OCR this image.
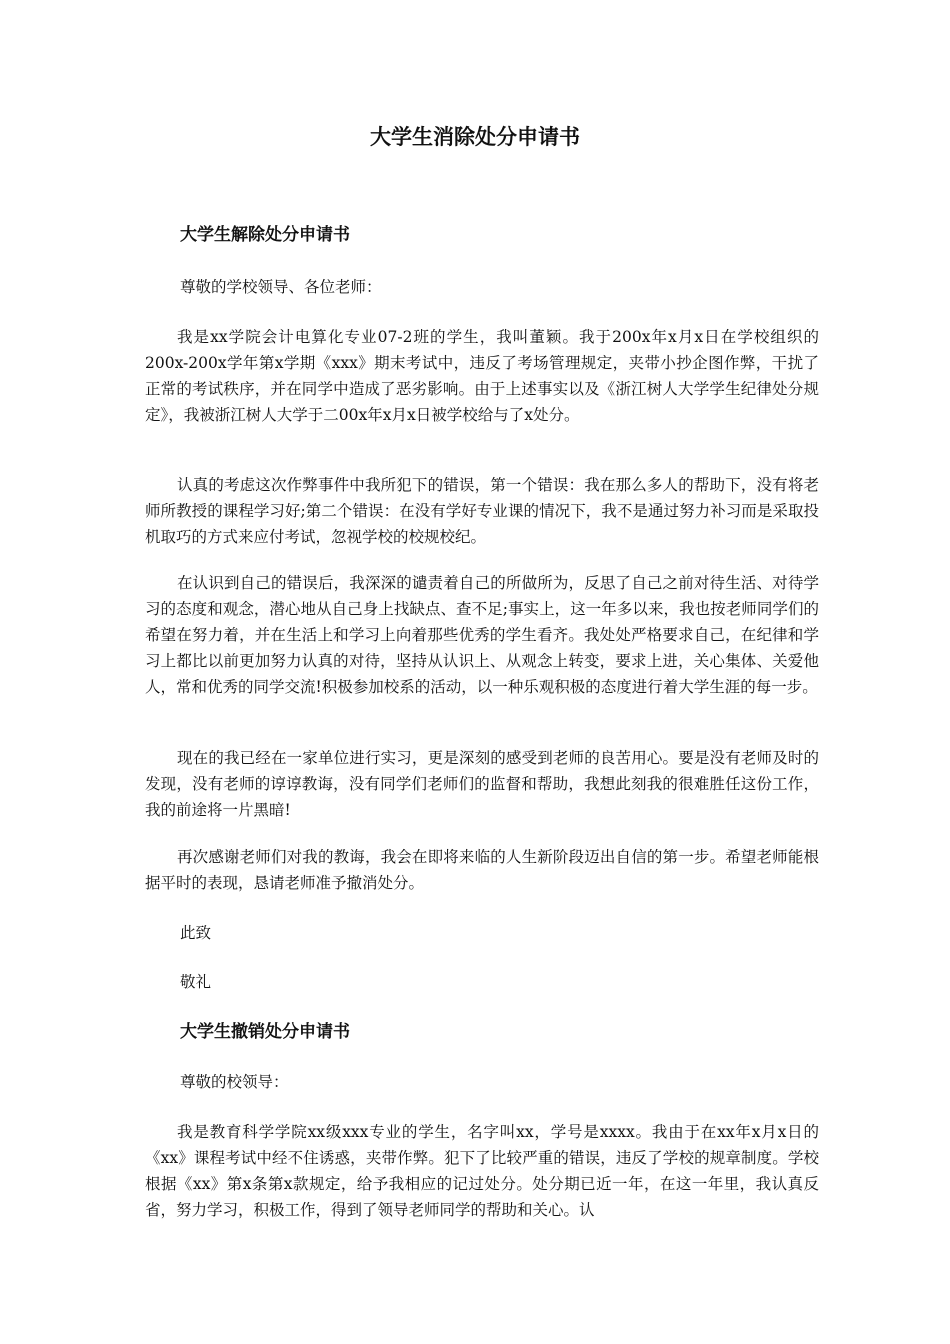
大学生消除处分申请书
大学生解除处分申请书

尊敬的学校领导、各位老师：

我是xx学院会计电算化专业07-2班的学生，我叫董颖。我于200x年x月x日在学校组织的200x-200x学年第x学期《xxx》期末考试中，违反了考场管理规定，夹带小抄企图作弊，干扰了正常的考试秩序，并在同学中造成了恶劣影响。由于上述事实以及《浙江树人大学学生纪律处分规定》，我被浙江树人大学于二00x年x月x日被学校给与了x处分。

认真的考虑这次作弊事件中我所犯下的错误，第一个错误：我在那么多人的帮助下，没有将老师所教授的课程学习好;第二个错误：在没有学好专业课的情况下，我不是通过努力补习而是采取投机取巧的方式来应付考试，忽视学校的校规校纪。

在认识到自己的错误后，我深深的谴责着自己的所做所为，反思了自己之前对待生活、对待学习的态度和观念，潜心地从自己身上找缺点、查不足;事实上，这一年多以来，我也按老师同学们的希望在努力着，并在生活上和学习上向着那些优秀的学生看齐。我处处严格要求自己，在纪律和学习上都比以前更加努力认真的对待，坚持从认识上、从观念上转变，要求上进，关心集体、关爱他人，常和优秀的同学交流!积极参加校系的活动，以一种乐观积极的态度进行着大学生涯的每一步。

现在的我已经在一家单位进行实习，更是深刻的感受到老师的良苦用心。要是没有老师及时的发现，没有老师的谆谆教诲，没有同学们老师们的监督和帮助，我想此刻我的很难胜任这份工作，我的前途将一片黑暗!

再次感谢老师们对我的教诲，我会在即将来临的人生新阶段迈出自信的第一步。希望老师能根据平时的表现，恳请老师准予撤消处分。

此致

敬礼

大学生撤销处分申请书

尊敬的校领导：

我是教育科学学院xx级xxx专业的学生，名字叫xx，学号是xxxx。我由于在xx年x月x日的《xx》课程考试中经不住诱惑，夹带作弊。犯下了比较严重的错误，违反了学校的规章制度。学校根据《xx》第x条第x款规定，给予我相应的记过处分。处分期已近一年，在这一年里，我认真反省，努力学习，积极工作，得到了领导老师同学的帮助和关心。认
